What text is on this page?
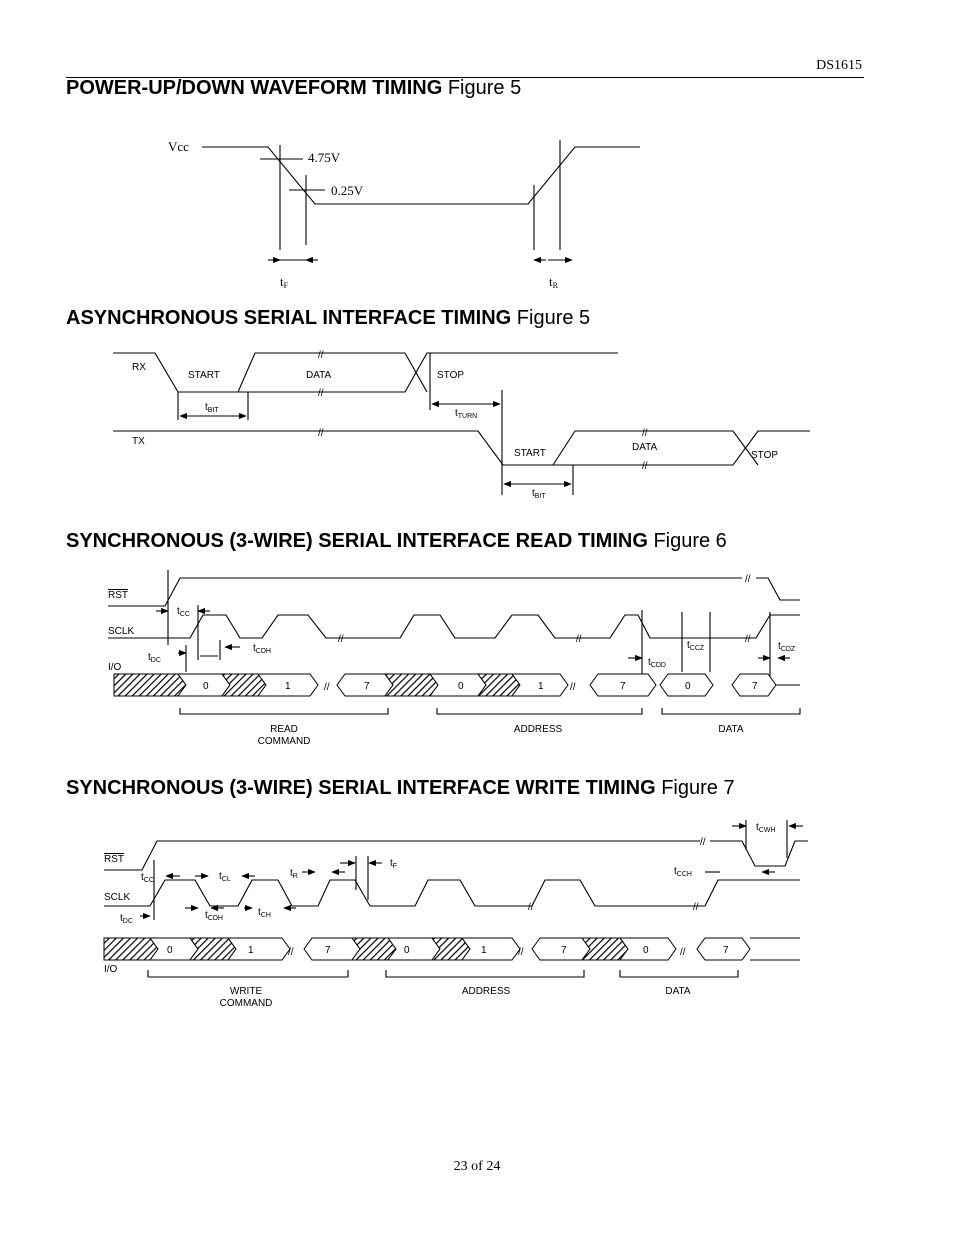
DS1615
POWER-UP/DOWN WAVEFORM TIMING Figure 5
ASYNCHRONOUS SERIAL INTERFACE TIMING Figure 5
SYNCHRONOUS (3-WIRE) SERIAL INTERFACE READ TIMING Figure 6
SYNCHRONOUS (3-WIRE) SERIAL INTERFACE WRITE TIMING Figure 7
Vcc
4.75V
0.25V
tF	tR
RX
START	DATA	STOP
//
//
$t_{BIT}$	$t_{TURN}$
TX
//	//
//
START
DATA
STOP
$t_{BIT}$
RST
//
$t_{CC}$
SCLK
//	//	//
$t_{CDH}$
$t_{DC}$	$t_{CDD}$
$t_{CCZ}$	$t_{CDZ}$
I/O
//	//
0	1	7	0	1	7	0	7
READ
COMMAND
ADDRESS	DATA
RST
//
$t_{CWH}$
SCLK
//	//
$t_{CC}$	$t_{CL}$
$t_R$
$t_F$	$t_{CCH}$
$t_{DC}$
$t_{CDH}$
$t_{CH}$
//	//	//
0	1	7	0	1	7	0	7
I/O
WRITE
COMMAND
ADDRESS	DATA
23 of 24
